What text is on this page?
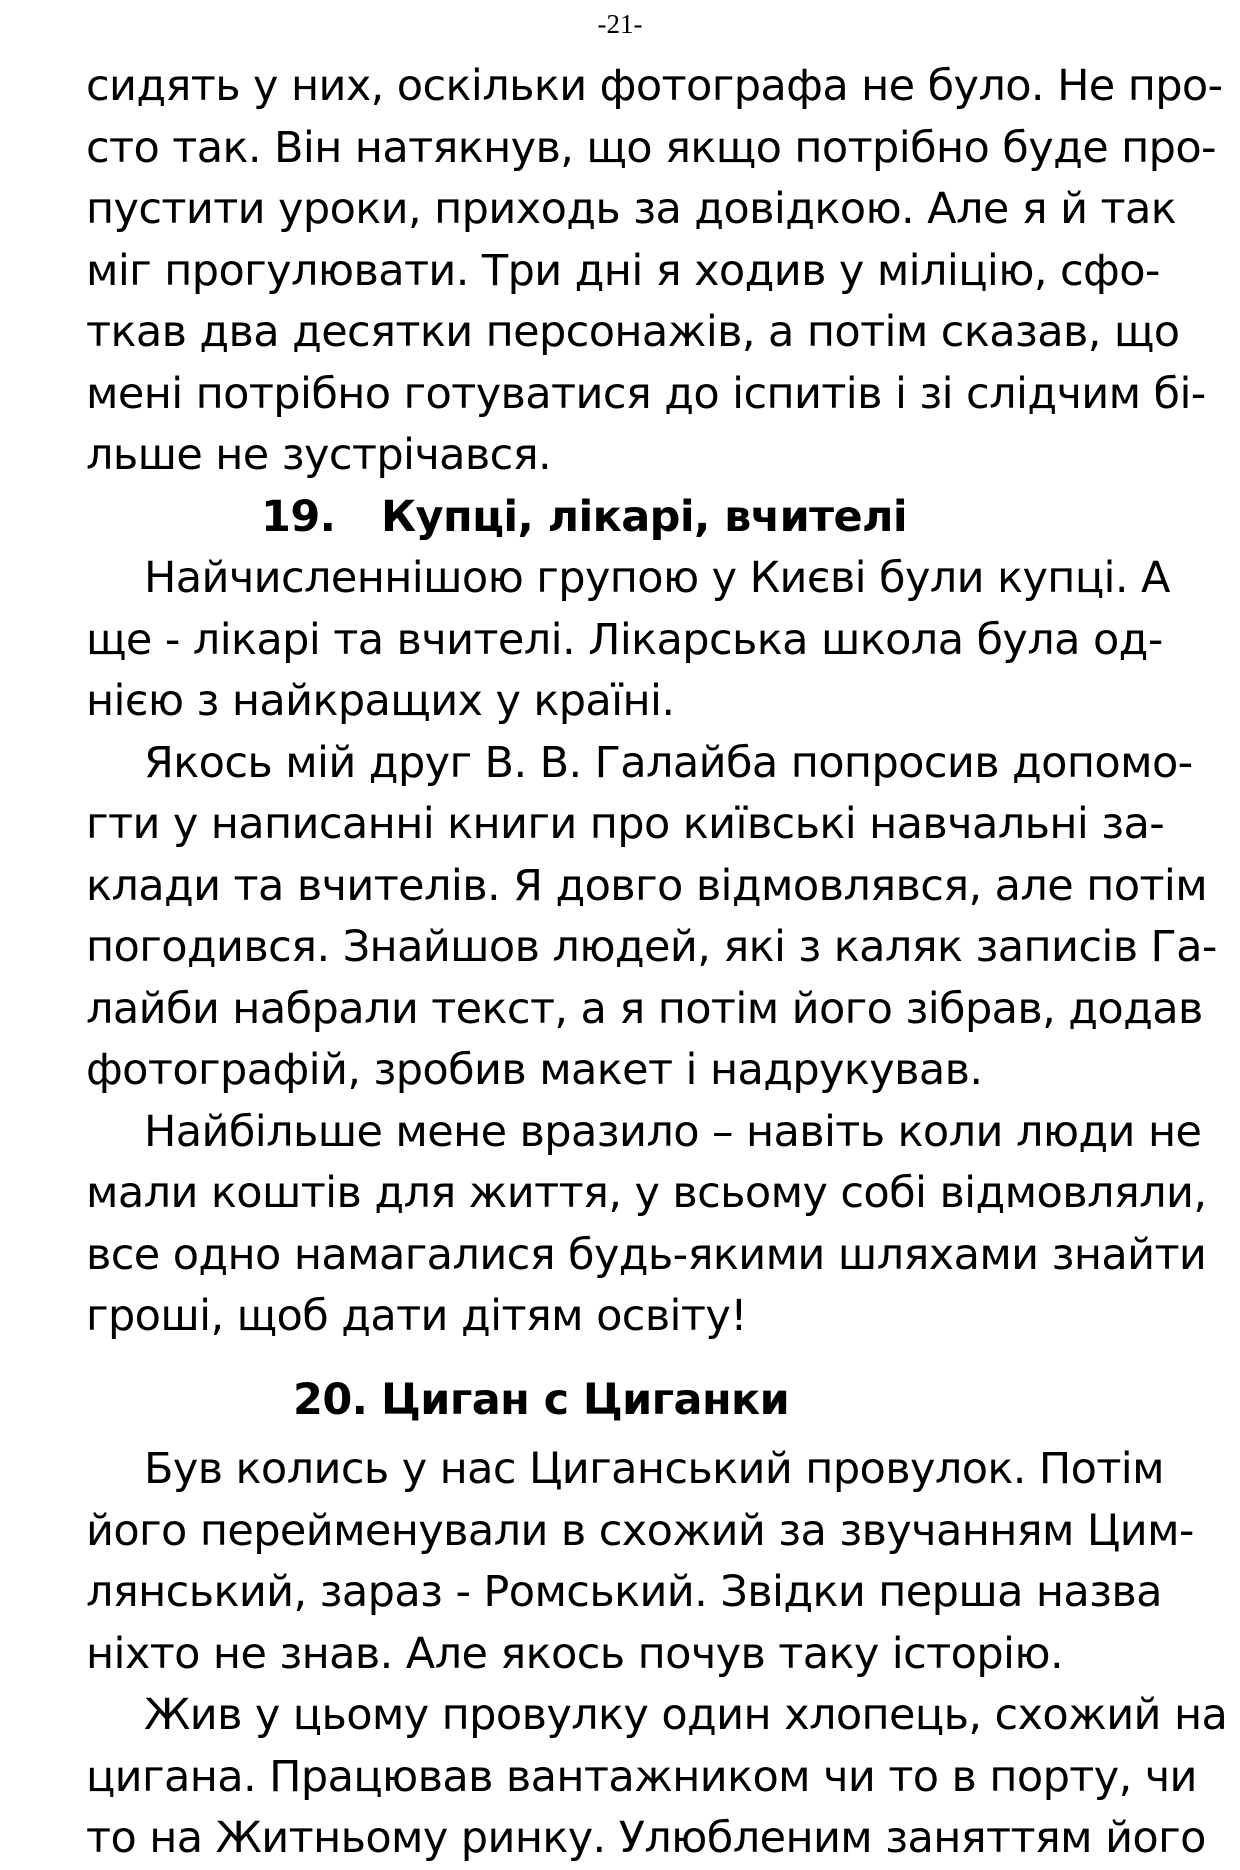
-21-

сидять у них, оскільки фотографа не було. Не про-
сто так. Він натякнув, що якщо потрібно буде про-
пустити уроки, приходь за довідкою. Але я й так
міг прогулювати. Три дні я ходив у міліцію, сфо-
ткав два десятки персонажів, а потім сказав, що
мені потрібно готуватися до іспитів і зі слідчим бі-
льше не зустрічався.

19. Купці, лікарі, вчителі

Найчисленнішою групою у Києві були купці. А
ще - лікарі та вчителі. Лікарська школа була од-
нією з найкращих у країні.

Якось мій друг В. В. Галайба попросив допомо-
гти у написанні книги про київські навчальні за-
клади та вчителів. Я довго відмовлявся, але потім
погодився. Знайшов людей, які з каляк записів Га-
лайби набрали текст, а я потім його зібрав, додав
фотографій, зробив макет і надрукував.

Найбільше мене вразило – навіть коли люди не
мали коштів для життя, у всьому собі відмовляли,
все одно намагалися будь-якими шляхами знайти
гроші, щоб дати дітям освіту!

20. Циган с Циганки

Був колись у нас Циганський провулок. Потім
його перейменували в схожий за звучанням Цим-
лянський, зараз - Ромський. Звідки перша назва
ніхто не знав. Але якось почув таку історію.

Жив у цьому провулку один хлопець, схожий на
цигана. Працював вантажником чи то в порту, чи
то на Житньому ринку. Улюбленим заняттям його
